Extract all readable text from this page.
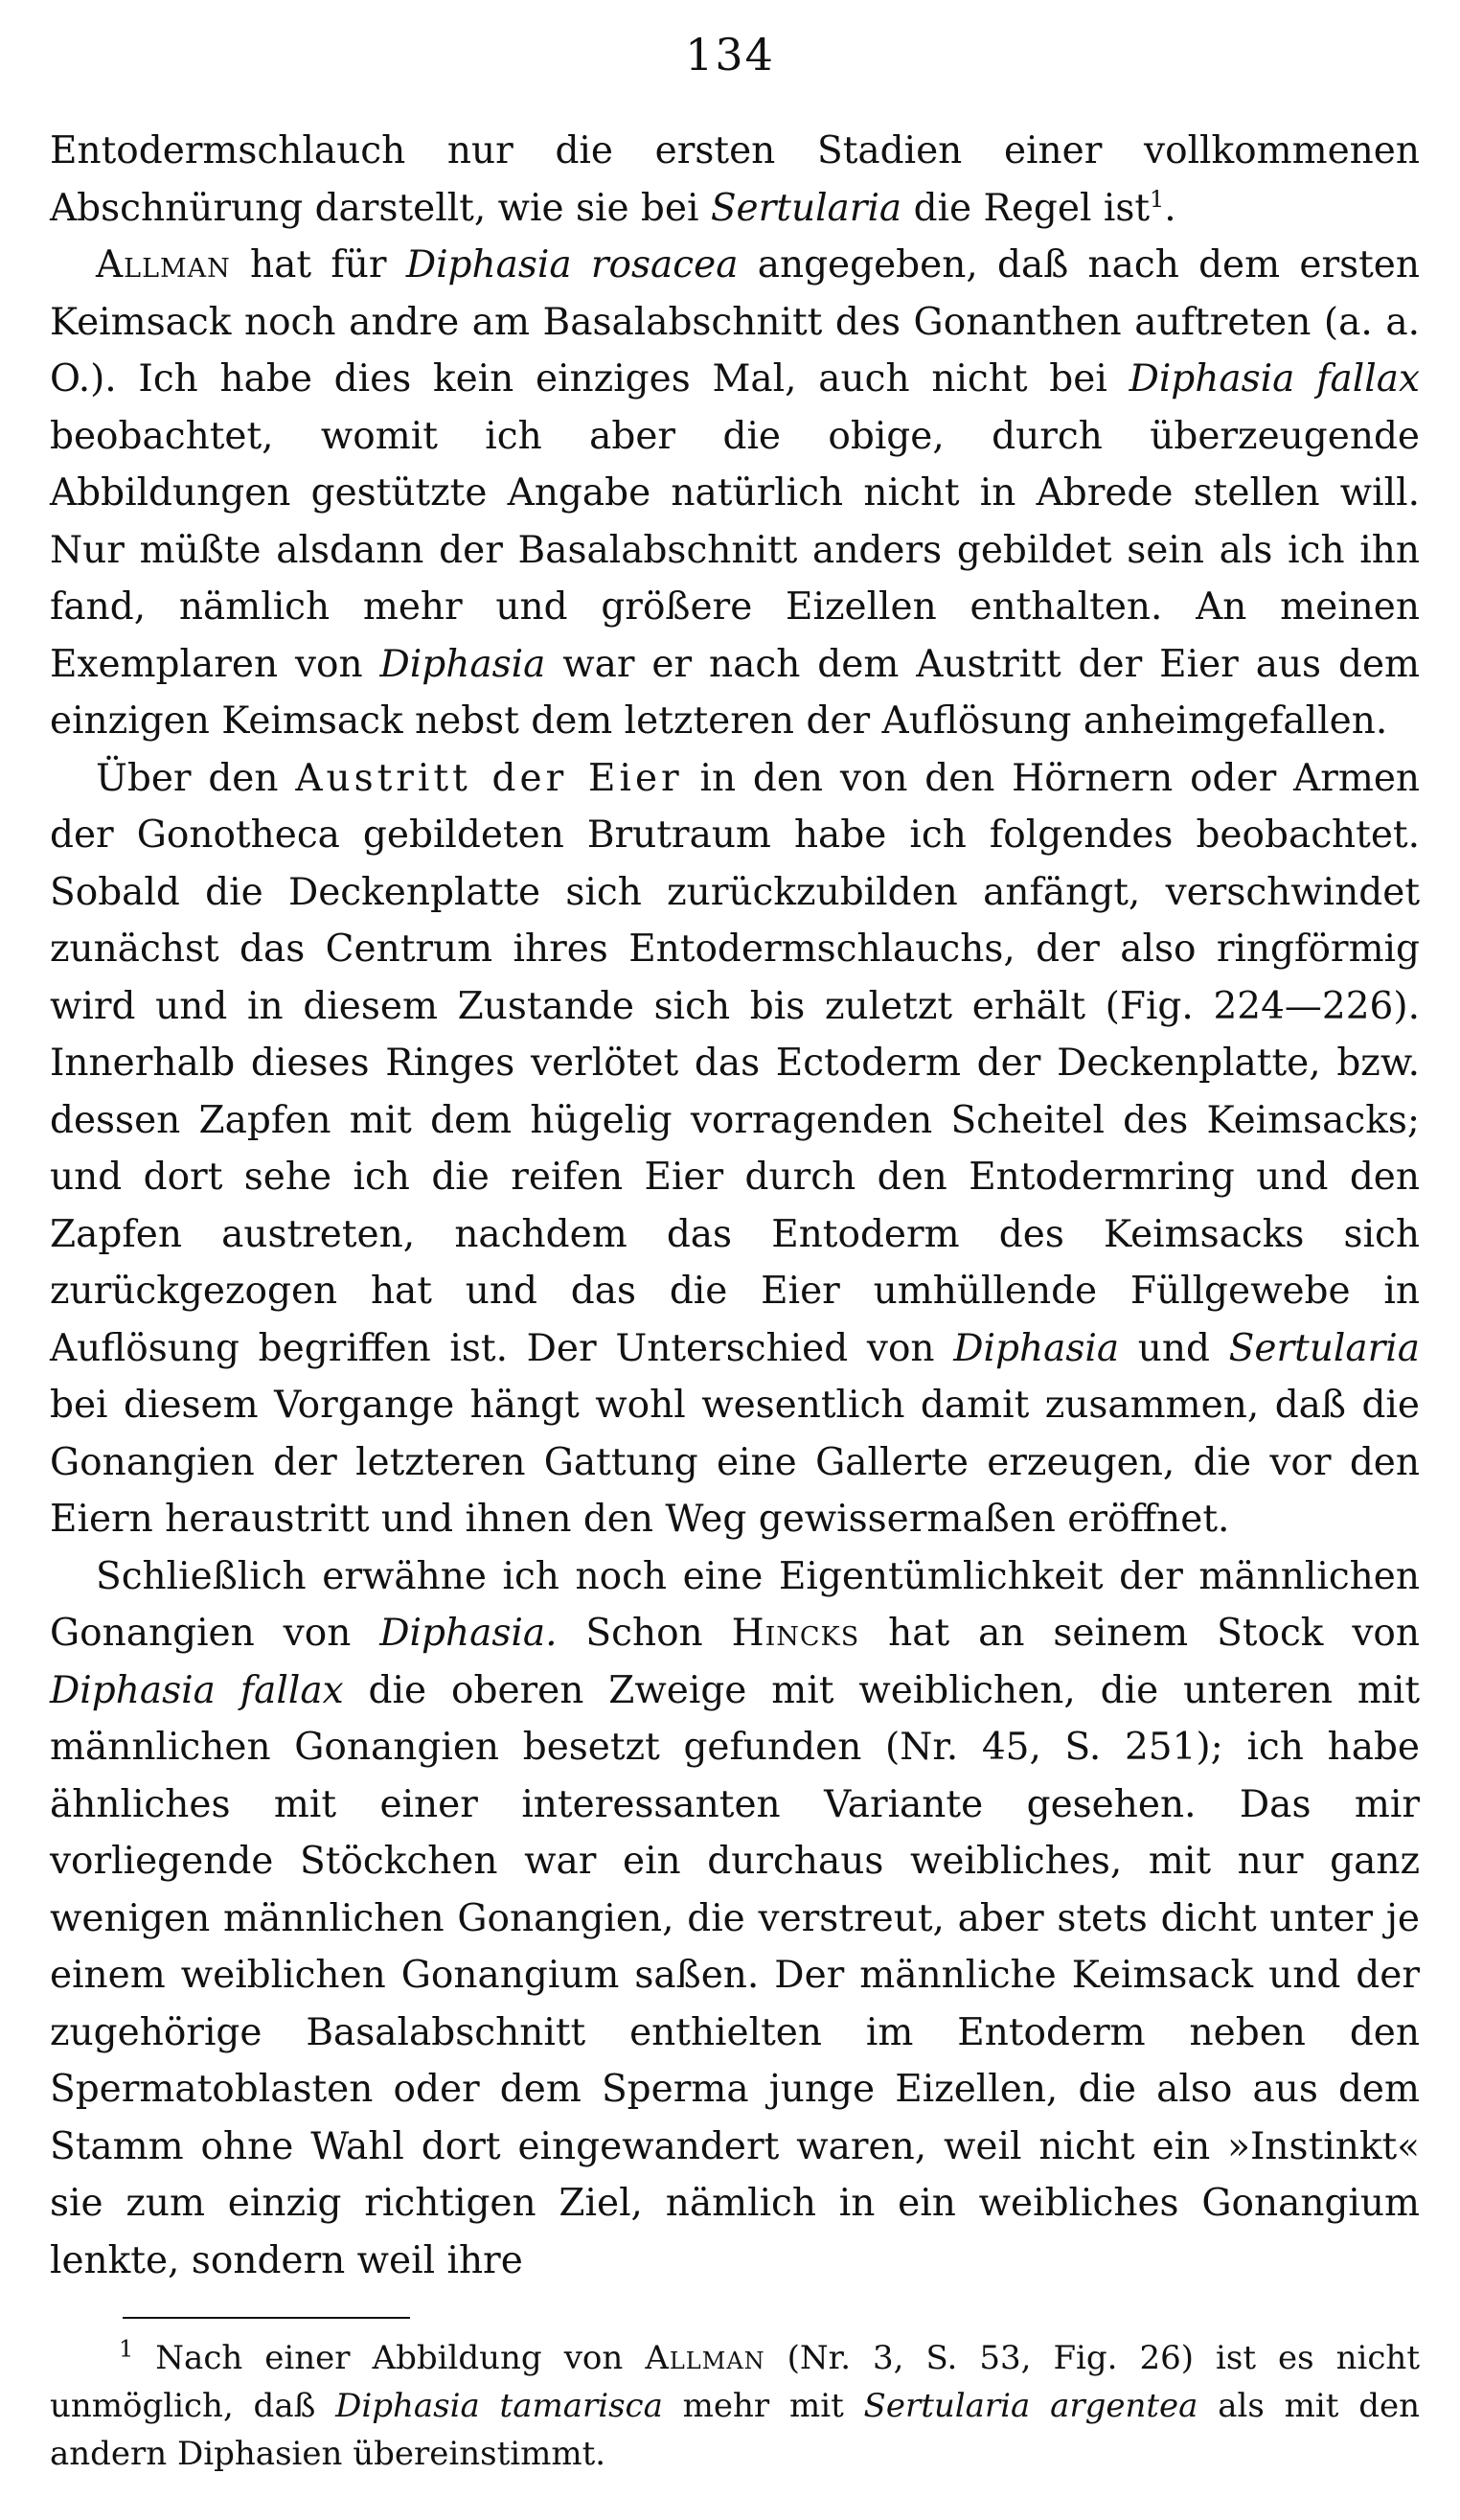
134

Entodermschlauch nur die ersten Stadien einer vollkommenen Abschnürung darstellt, wie sie bei Sertularia die Regel ist$^1$.

Allman hat für Diphasia rosacea angegeben, daß nach dem ersten Keimsack noch andre am Basalabschnitt des Gonanthen auftreten (a. a. O.). Ich habe dies kein einziges Mal, auch nicht bei Diphasia fallax beobachtet, womit ich aber die obige, durch überzeugende Abbildungen gestützte Angabe natürlich nicht in Abrede stellen will. Nur müßte alsdann der Basalabschnitt anders gebildet sein als ich ihn fand, nämlich mehr und größere Eizellen enthalten. An meinen Exemplaren von Diphasia war er nach dem Austritt der Eier aus dem einzigen Keimsack nebst dem letzteren der Auflösung anheimgefallen.

Über den Austritt der Eier in den von den Hörnern oder Armen der Gonotheca gebildeten Brutraum habe ich folgendes beobachtet. Sobald die Deckenplatte sich zurückzubilden anfängt, verschwindet zunächst das Centrum ihres Entodermschlauchs, der also ringförmig wird und in diesem Zustande sich bis zuletzt erhält (Fig. 224—226). Innerhalb dieses Ringes verlötet das Ectoderm der Deckenplatte, bzw. dessen Zapfen mit dem hügelig vorragenden Scheitel des Keimsacks; und dort sehe ich die reifen Eier durch den Entodermring und den Zapfen austreten, nachdem das Entoderm des Keimsacks sich zurückgezogen hat und das die Eier umhüllende Füllgewebe in Auflösung begriffen ist. Der Unterschied von Diphasia und Sertularia bei diesem Vorgange hängt wohl wesentlich damit zusammen, daß die Gonangien der letzteren Gattung eine Gallerte erzeugen, die vor den Eiern heraustritt und ihnen den Weg gewissermaßen eröffnet.

Schließlich erwähne ich noch eine Eigentümlichkeit der männlichen Gonangien von Diphasia. Schon Hincks hat an seinem Stock von Diphasia fallax die oberen Zweige mit weiblichen, die unteren mit männlichen Gonangien besetzt gefunden (Nr. 45, S. 251); ich habe ähnliches mit einer interessanten Variante gesehen. Das mir vorliegende Stöckchen war ein durchaus weibliches, mit nur ganz wenigen männlichen Gonangien, die verstreut, aber stets dicht unter je einem weiblichen Gonangium saßen. Der männliche Keimsack und der zugehörige Basalabschnitt enthielten im Entoderm neben den Spermatoblasten oder dem Sperma junge Eizellen, die also aus dem Stamm ohne Wahl dort eingewandert waren, weil nicht ein »Instinkt« sie zum einzig richtigen Ziel, nämlich in ein weibliches Gonangium lenkte, sondern weil ihre

$^1$ Nach einer Abbildung von Allman (Nr. 3, S. 53, Fig. 26) ist es nicht unmöglich, daß Diphasia tamarisca mehr mit Sertularia argentea als mit den andern Diphasien übereinstimmt.
